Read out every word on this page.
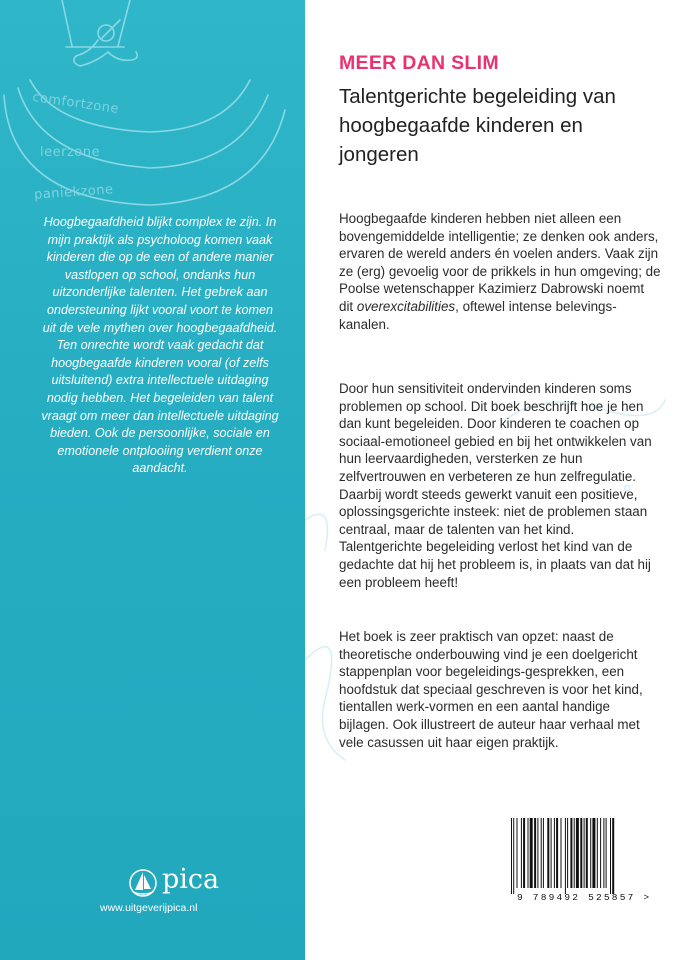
comfortzone
leerzone
paniekzone

Hoogbegaafdheid blijkt complex te zijn. In mijn praktijk als psycholoog komen vaak kinderen die op de een of andere manier vastlopen op school, ondanks hun uitzonderlijke talenten. Het gebrek aan ondersteuning lijkt vooral voort te komen uit de vele mythen over hoogbegaafdheid. Ten onrechte wordt vaak gedacht dat hoogbegaafde kinderen vooral (of zelfs uitsluitend) extra intellectuele uitdaging nodig hebben. Het begeleiden van talent vraagt om meer dan intellectuele uitdaging bieden. Ook de persoonlijke, sociale en emotionele ontplooiing verdient onze aandacht.

pica
www.uitgeverijpica.nl
MEER DAN SLIM
Talentgerichte begeleiding van hoogbegaafde kinderen en jongeren

Hoogbegaafde kinderen hebben niet alleen een bovengemiddelde intelligentie; ze denken ook anders, ervaren de wereld anders én voelen anders. Vaak zijn ze (erg) gevoelig voor de prikkels in hun omgeving; de Poolse wetenschapper Kazimierz Dabrowski noemt dit overexcitabilities, oftewel intense belevings-kanalen.

Door hun sensitiviteit ondervinden kinderen soms problemen op school. Dit boek beschrijft hoe je hen dan kunt begeleiden. Door kinderen te coachen op sociaal-emotioneel gebied en bij het ontwikkelen van hun leervaardigheden, versterken ze hun zelfvertrouwen en verbeteren ze hun zelfregulatie. Daarbij wordt steeds gewerkt vanuit een positieve, oplossingsgerichte insteek: niet de problemen staan centraal, maar de talenten van het kind. Talentgerichte begeleiding verlost het kind van de gedachte dat hij het probleem is, in plaats van dat hij een probleem heeft!

Het boek is zeer praktisch van opzet: naast de theoretische onderbouwing vind je een doelgericht stappenplan voor begeleidings-gesprekken, een hoofdstuk dat speciaal geschreven is voor het kind, tientallen werk-vormen en een aantal handige bijlagen. Ook illustreert de auteur haar verhaal met vele casussen uit haar eigen praktijk.

9 789492 525857 >
